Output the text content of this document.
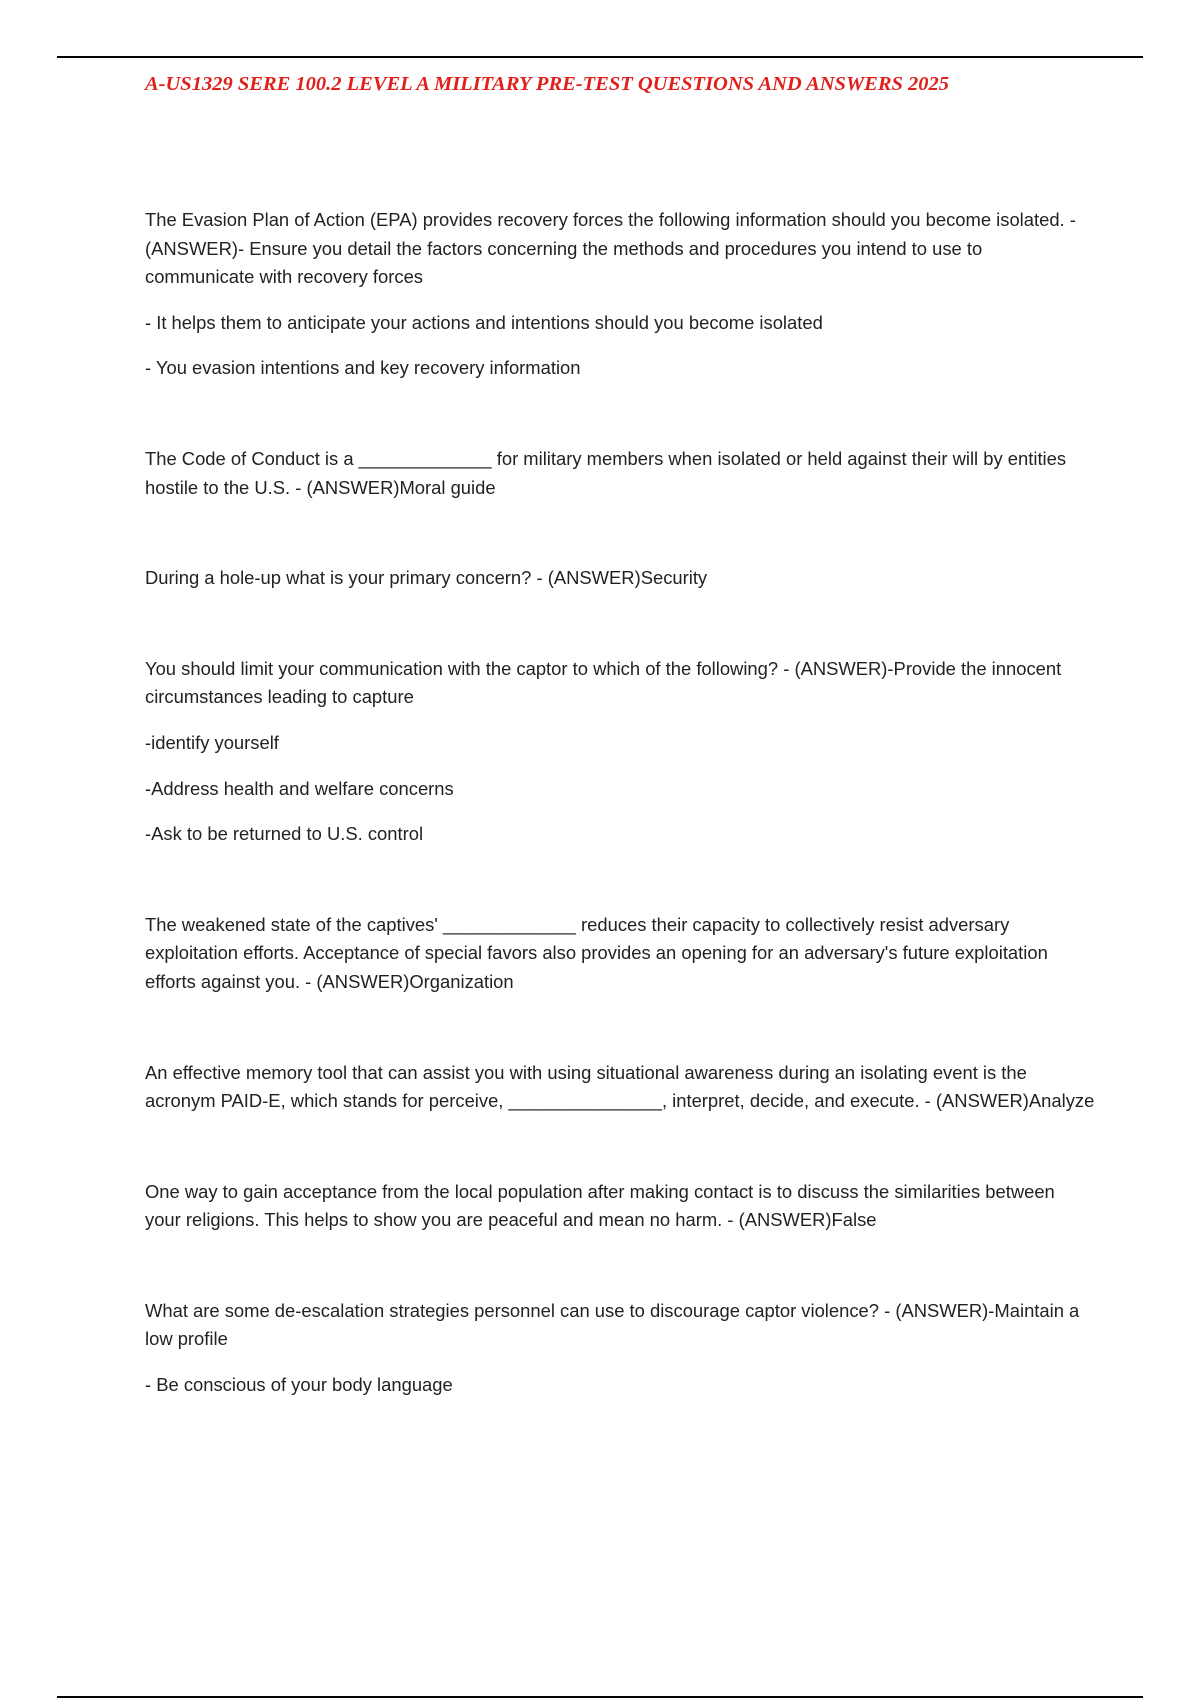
A-US1329 SERE 100.2 LEVEL A MILITARY PRE-TEST QUESTIONS AND ANSWERS 2025

The Evasion Plan of Action (EPA) provides recovery forces the following information should you become isolated. - (ANSWER)- Ensure you detail the factors concerning the methods and procedures you intend to use to communicate with recovery forces

- It helps them to anticipate your actions and intentions should you become isolated

- You evasion intentions and key recovery information

The Code of Conduct is a _____________ for military members when isolated or held against their will by entities hostile to the U.S. - (ANSWER)Moral guide

During a hole-up what is your primary concern? - (ANSWER)Security

You should limit your communication with the captor to which of the following? - (ANSWER)-Provide the innocent circumstances leading to capture

-identify yourself

-Address health and welfare concerns

-Ask to be returned to U.S. control

The weakened state of the captives' _____________ reduces their capacity to collectively resist adversary exploitation efforts. Acceptance of special favors also provides an opening for an adversary's future exploitation efforts against you. - (ANSWER)Organization

An effective memory tool that can assist you with using situational awareness during an isolating event is the acronym PAID-E, which stands for perceive, _______________, interpret, decide, and execute. - (ANSWER)Analyze

One way to gain acceptance from the local population after making contact is to discuss the similarities between your religions. This helps to show you are peaceful and mean no harm. - (ANSWER)False

What are some de-escalation strategies personnel can use to discourage captor violence? - (ANSWER)-Maintain a low profile

- Be conscious of your body language
